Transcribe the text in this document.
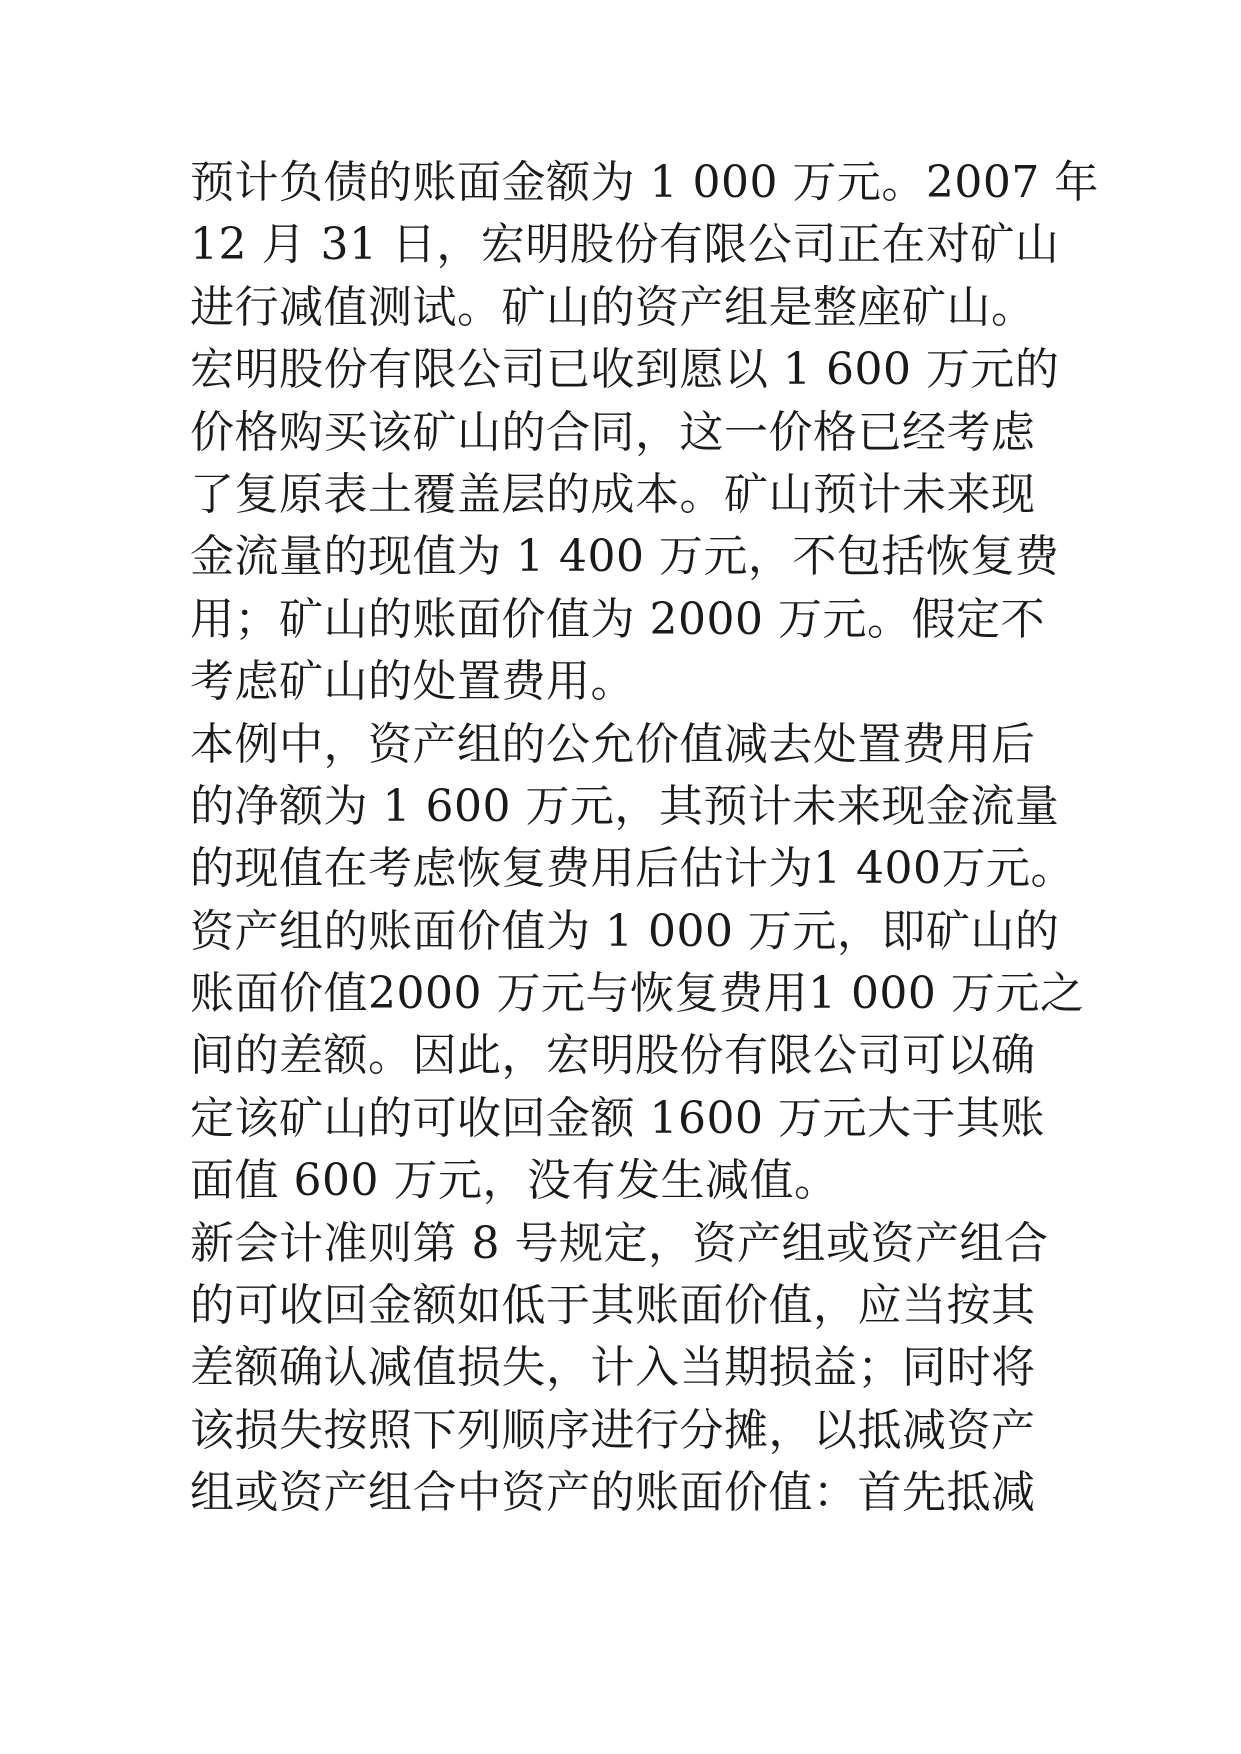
预计负债的账面金额为 1 000 万元。2007 年
12 月 31 日，宏明股份有限公司正在对矿山
进行减值测试。矿山的资产组是整座矿山。
宏明股份有限公司已收到愿以 1 600 万元的
价格购买该矿山的合同，这一价格已经考虑
了复原表土覆盖层的成本。矿山预计未来现
金流量的现值为 1 400 万元，不包括恢复费
用；矿山的账面价值为 2000 万元。假定不
考虑矿山的处置费用。
本例中，资产组的公允价值减去处置费用后
的净额为 1 600 万元，其预计未来现金流量
的现值在考虑恢复费用后估计为1 400万元。
资产组的账面价值为 1 000 万元，即矿山的
账面价值2000 万元与恢复费用1 000 万元之
间的差额。因此，宏明股份有限公司可以确
定该矿山的可收回金额 1600 万元大于其账
面值 600 万元，没有发生减值。
新会计准则第 8 号规定，资产组或资产组合
的可收回金额如低于其账面价值，应当按其
差额确认减值损失，计入当期损益；同时将
该损失按照下列顺序进行分摊，以抵减资产
组或资产组合中资产的账面价值：首先抵减
